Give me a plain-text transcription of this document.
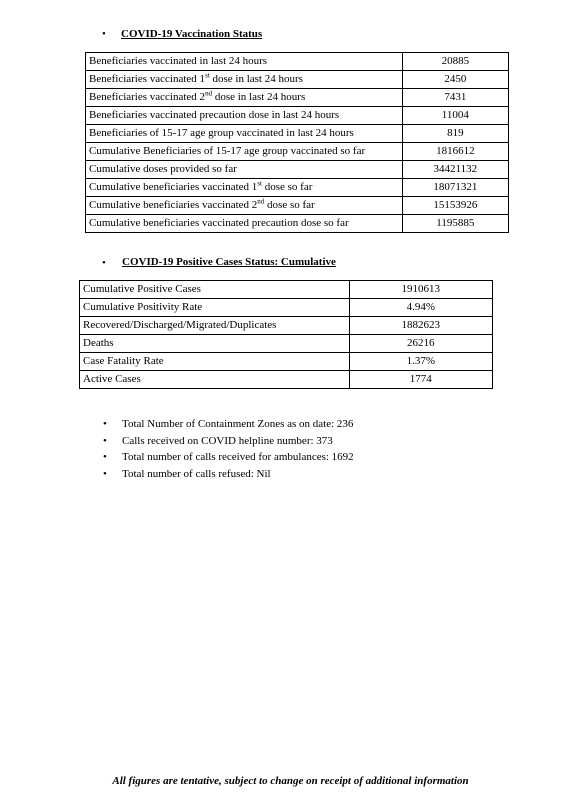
• COVID-19 Vaccination Status
Beneficiaries vaccinated in last 24 hours	20885
Beneficiaries vaccinated 1st dose in last 24 hours	2450
Beneficiaries vaccinated 2nd dose in last 24 hours	7431
Beneficiaries vaccinated precaution dose in last 24 hours	11004
Beneficiaries of 15-17 age group vaccinated in last 24 hours	819
Cumulative Beneficiaries of 15-17 age group vaccinated so far	1816612
Cumulative doses provided so far	34421132
Cumulative beneficiaries vaccinated 1st dose so far	18071321
Cumulative beneficiaries vaccinated 2nd dose so far	15153926
Cumulative beneficiaries vaccinated precaution dose so far	1195885
• COVID-19 Positive Cases Status: Cumulative
Cumulative Positive Cases	1910613
Cumulative Positivity Rate	4.94%
Recovered/Discharged/Migrated/Duplicates	1882623
Deaths	26216
Case Fatality Rate	1.37%
Active Cases	1774
• Total Number of Containment Zones as on date: 236
• Calls received on COVID helpline number: 373
• Total number of calls received for ambulances: 1692
• Total number of calls refused: Nil
All figures are tentative, subject to change on receipt of additional information
